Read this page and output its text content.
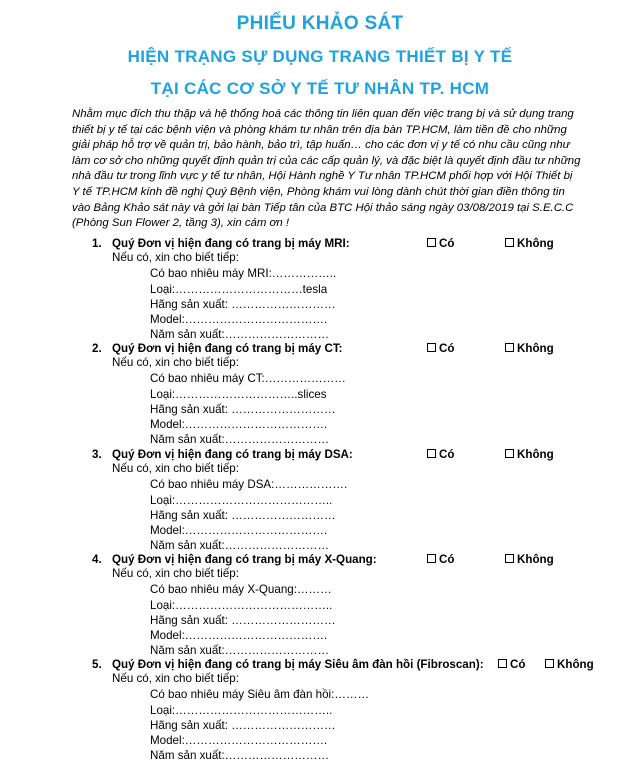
PHIẾU KHẢO SÁT
HIỆN TRẠNG SỰ DỤNG TRANG THIẾT BỊ Y TẾ
TẠI CÁC CƠ SỞ Y TẾ TƯ NHÂN TP. HCM
Nhằm mục đích thu thập và hệ thống hoá các thông tin liên quan đến việc trang bị và sử dụng trang
thiết bị y tế tại các bệnh viện và phòng khám tư nhân trên địa bàn TP.HCM, làm tiền đề cho những
giải pháp hỗ trợ về quản trị, bảo hành, bảo trì, tập huấn… cho các đơn vị y tế có nhu cầu cũng như
làm cơ sở cho những quyết định quản trị của các cấp quản lý, và đặc biệt là quyết định đầu tư những
nhà đầu tư trong lĩnh vực y tế tư nhân, Hội Hành nghề Y Tư nhân TP.HCM phối hợp với Hội Thiết bị
Y tế TP.HCM kính đề nghị Quý Bệnh viện, Phòng khám vui lòng dành chút thời gian điền thông tin
vào Bảng Khảo sát này và gởi lại bàn Tiếp tân của BTC Hội thảo sáng ngày 03/08/2019 tại S.E.C.C
(Phòng Sun Flower 2, tầng 3), xin cám ơn !
1. Quý Đơn vị hiện đang có trang bị máy MRI:	Có	Không
Nếu có, xin cho biết tiếp:
Có bao nhiêu máy MRI:……………..
Loại:……………………………tesla
Hãng sản xuất: ………………………
Model:……………………………….
Năm sản xuất:………………………
2. Quý Đơn vị hiện đang có trang bị máy CT:	Có	Không
Nếu có, xin cho biết tiếp:
Có bao nhiêu máy CT:…………………
Loại:…………………………..slices
Hãng sản xuất: ………………………
Model:……………………………….
Năm sản xuất:………………………
3. Quý Đơn vị hiện đang có trang bị máy DSA:	Có	Không
Nếu có, xin cho biết tiếp:
Có bao nhiêu máy DSA:……………….
Loại:…………………………………..
Hãng sản xuất: ………………………
Model:……………………………….
Năm sản xuất:………………………
4. Quý Đơn vị hiện đang có trang bị máy X-Quang:	Có	Không
Nếu có, xin cho biết tiếp:
Có bao nhiêu máy X-Quang:………
Loại:…………………………………..
Hãng sản xuất: ………………………
Model:……………………………….
Năm sản xuất:………………………
5. Quý Đơn vị hiện đang có trang bị máy Siêu âm đàn hồi (Fibroscan):	Có	Không
Nếu có, xin cho biết tiếp:
Có bao nhiêu máy Siêu âm đàn hồi:………
Loại:…………………………………..
Hãng sản xuất: ………………………
Model:……………………………….
Năm sản xuất:………………………
